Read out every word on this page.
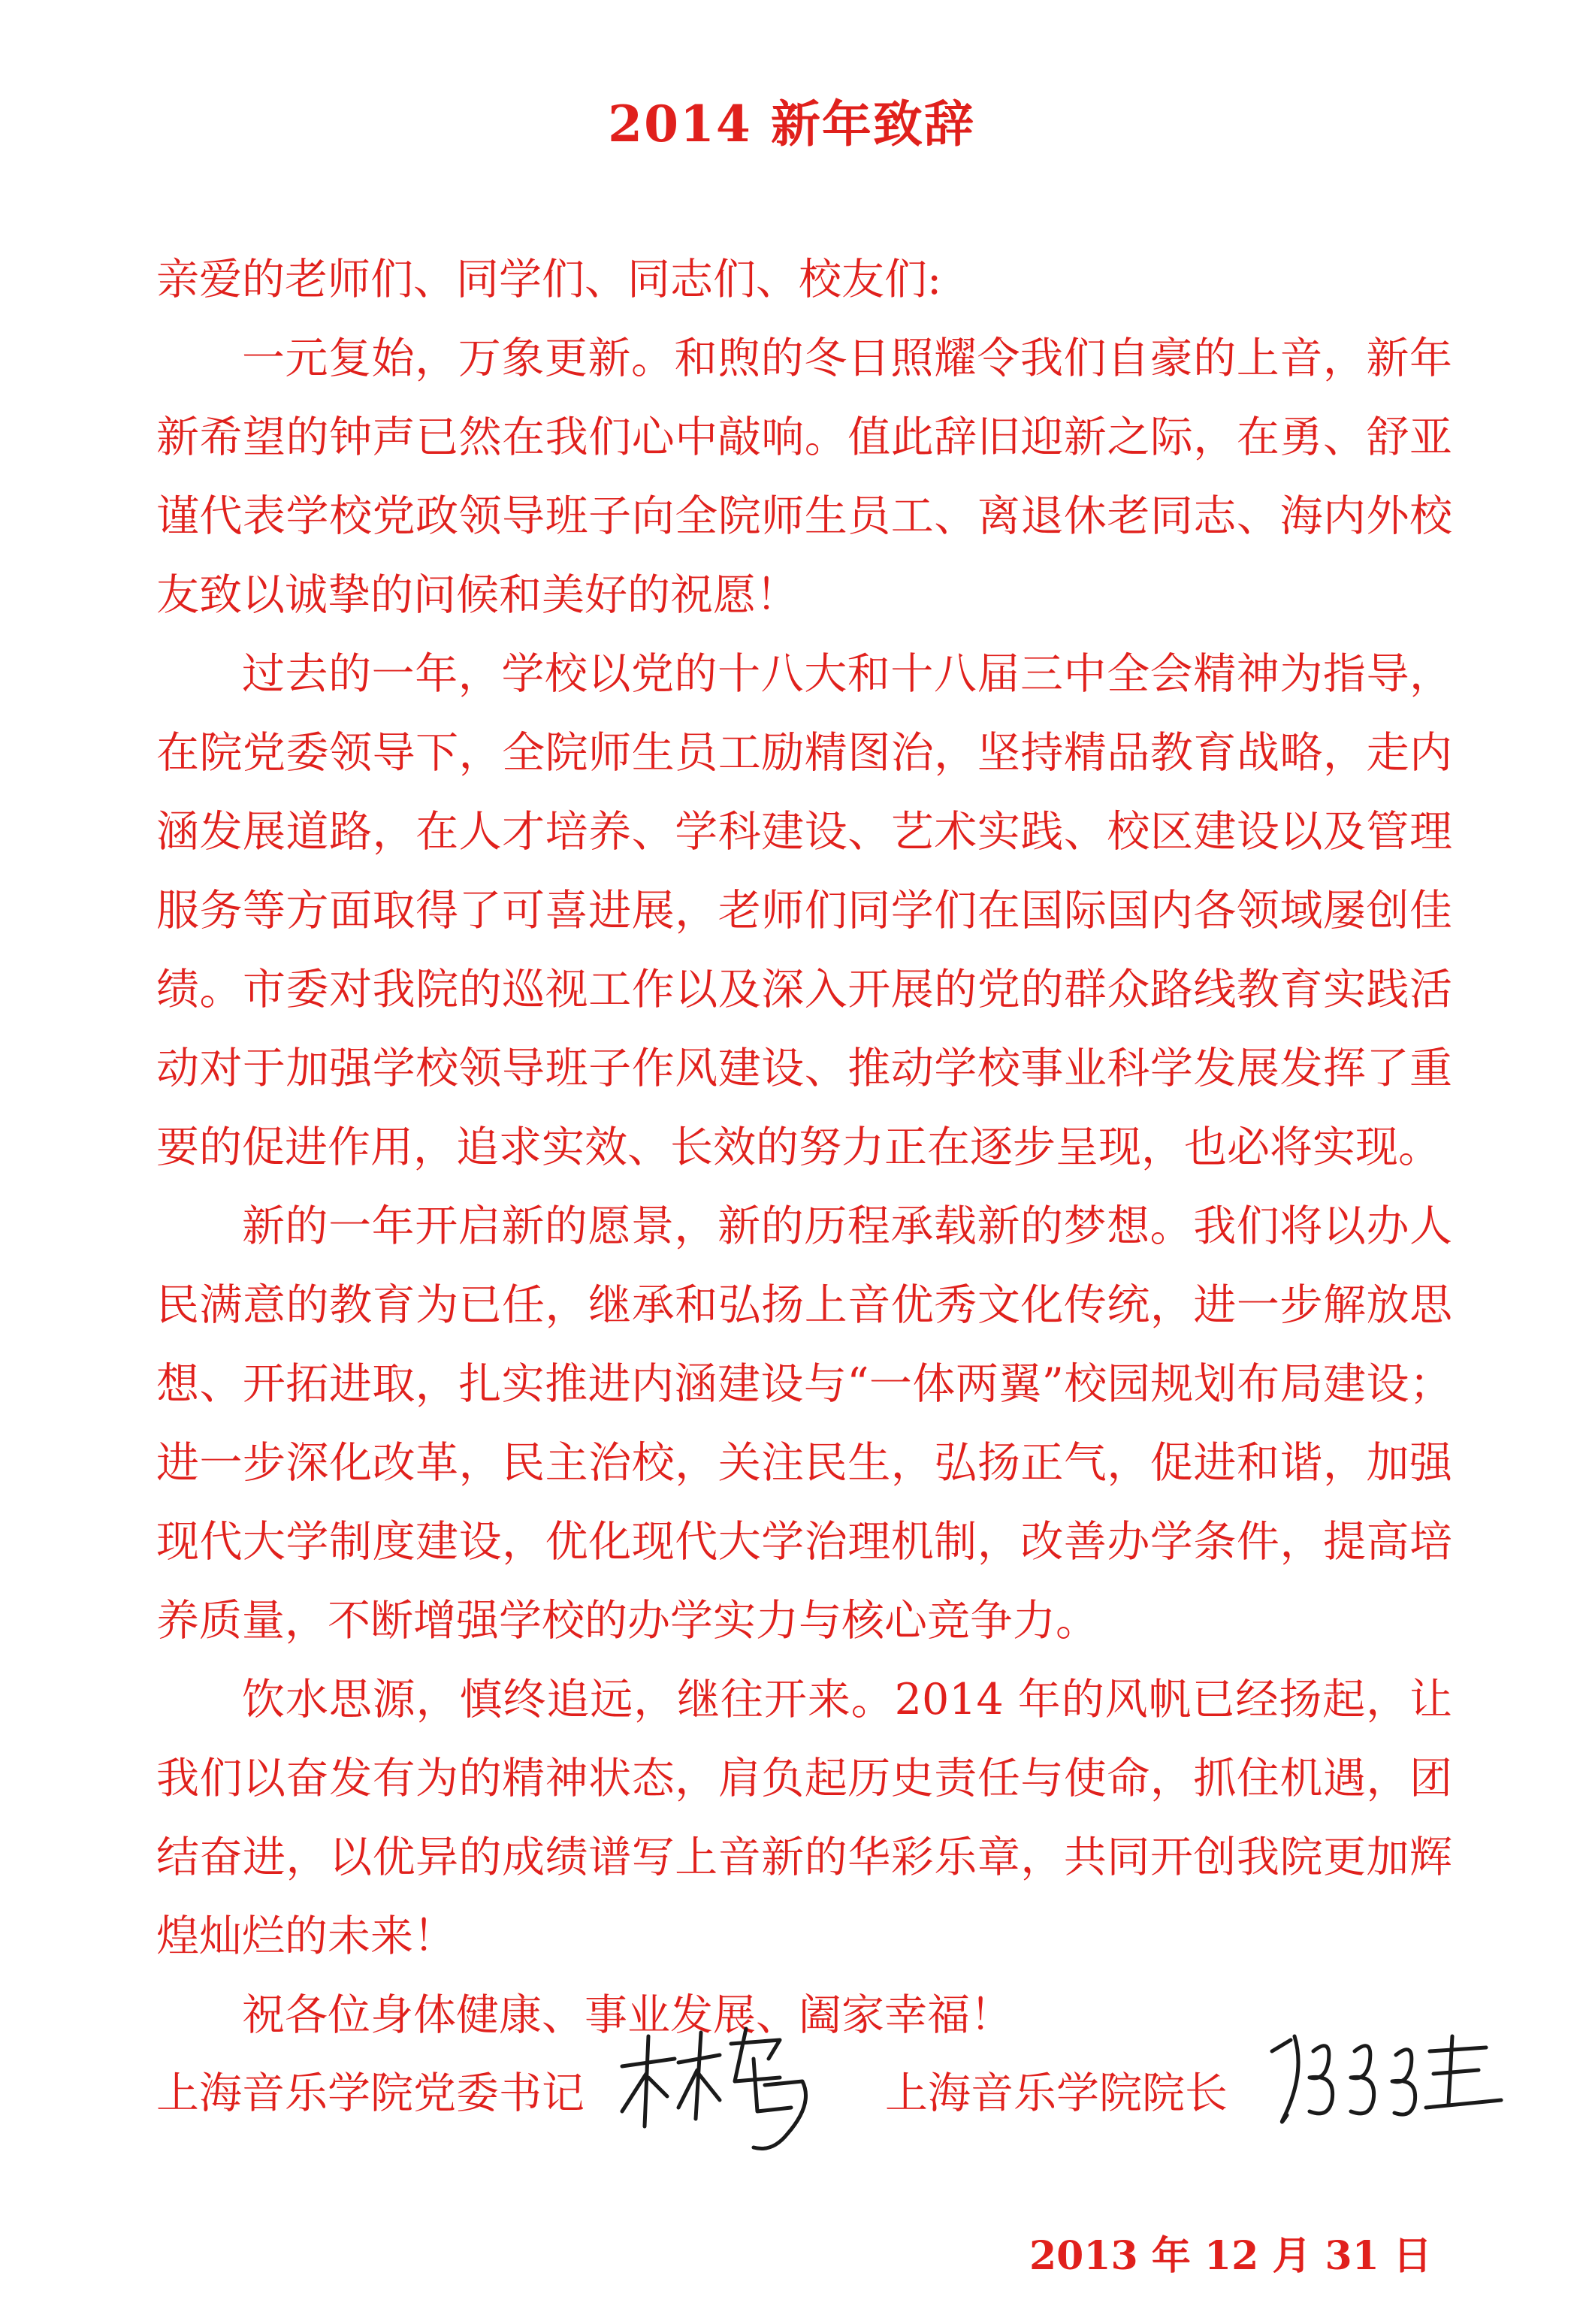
2014 新年致辞

亲爱的老师们、同学们、同志们、校友们:

一元复始，万象更新。和煦的冬日照耀令我们自豪的上音，新年新希望的钟声已然在我们心中敲响。值此辞旧迎新之际，在勇、舒亚谨代表学校党政领导班子向全院师生员工、离退休老同志、海内外校友致以诚挚的问候和美好的祝愿！

过去的一年，学校以党的十八大和十八届三中全会精神为指导，在院党委领导下，全院师生员工励精图治，坚持精品教育战略，走内涵发展道路，在人才培养、学科建设、艺术实践、校区建设以及管理服务等方面取得了可喜进展，老师们同学们在国际国内各领域屡创佳绩。市委对我院的巡视工作以及深入开展的党的群众路线教育实践活动对于加强学校领导班子作风建设、推动学校事业科学发展发挥了重要的促进作用，追求实效、长效的努力正在逐步呈现，也必将实现。

新的一年开启新的愿景，新的历程承载新的梦想。我们将以办人民满意的教育为已任，继承和弘扬上音优秀文化传统，进一步解放思想、开拓进取，扎实推进内涵建设与“一体两翼”校园规划布局建设；进一步深化改革，民主治校，关注民生，弘扬正气，促进和谐，加强现代大学制度建设，优化现代大学治理机制，改善办学条件，提高培养质量，不断增强学校的办学实力与核心竞争力。

饮水思源，慎终追远，继往开来。2014 年的风帆已经扬起，让我们以奋发有为的精神状态，肩负起历史责任与使命，抓住机遇，团结奋进，以优异的成绩谱写上音新的华彩乐章，共同开创我院更加辉煌灿烂的未来！

祝各位身体健康、事业发展、阖家幸福！

上海音乐学院党委书记	上海音乐学院院长
2013 年 12 月 31 日
